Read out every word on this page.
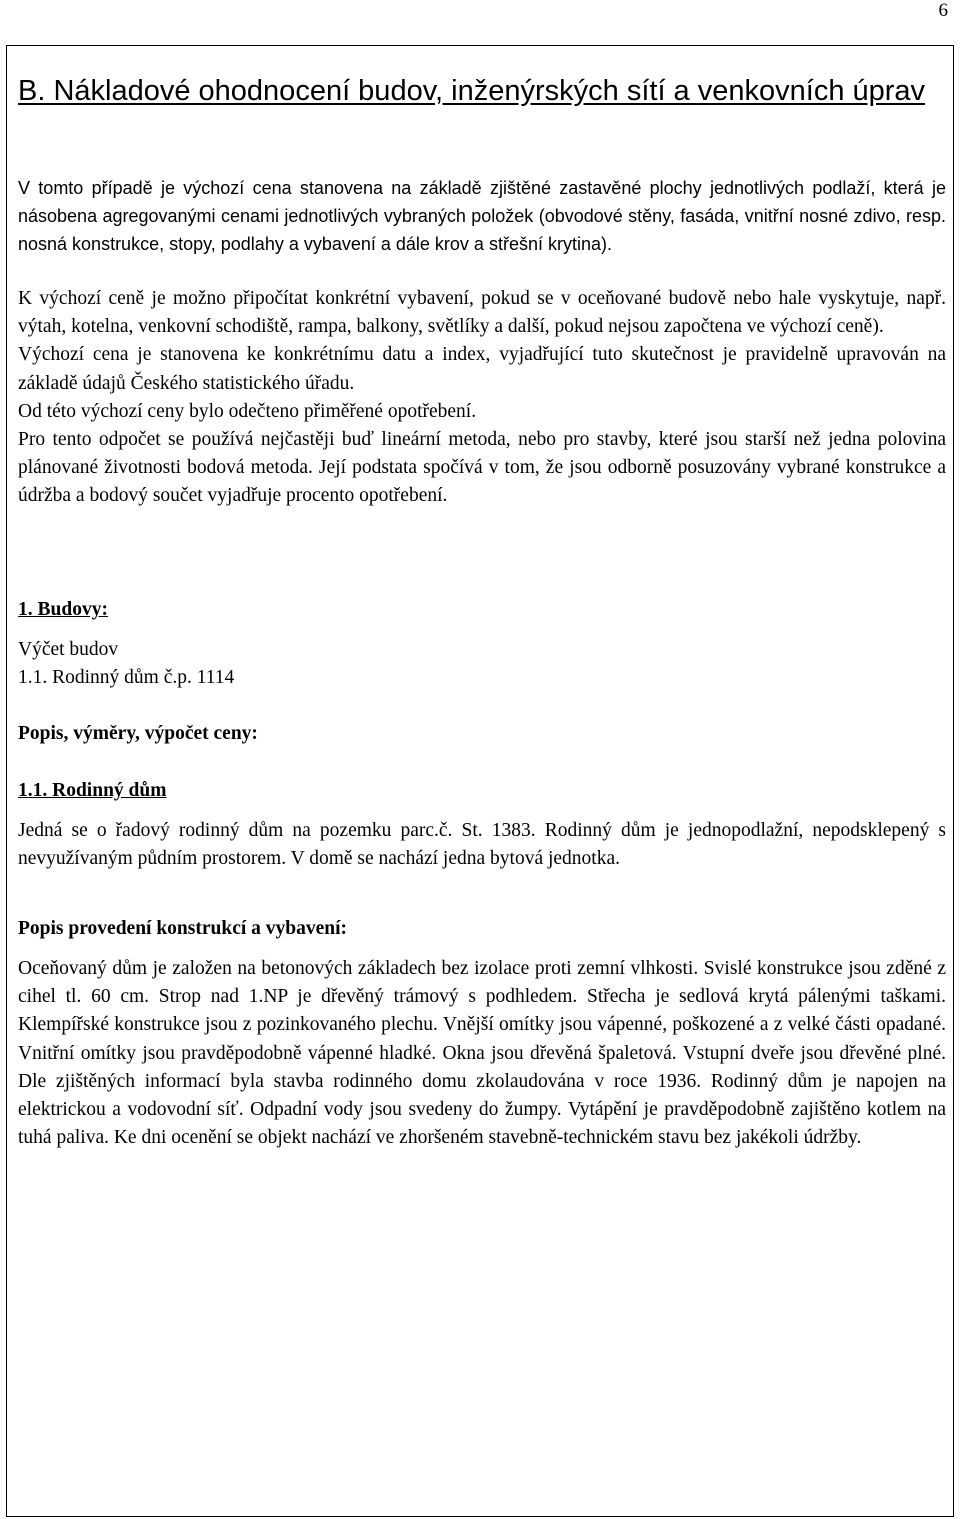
6
B. Nákladové ohodnocení budov, inženýrských sítí a venkovních úprav

V tomto případě je výchozí cena stanovena na základě zjištěné zastavěné plochy jednotlivých podlaží, která je násobena agregovanými cenami jednotlivých vybraných položek (obvodové stěny, fasáda, vnitřní nosné zdivo, resp. nosná konstrukce, stopy, podlahy a vybavení a dále krov a střešní krytina).

K výchozí ceně je možno připočítat konkrétní vybavení, pokud se v oceňované budově nebo hale vyskytuje, např. výtah, kotelna, venkovní schodiště, rampa, balkony, světlíky a další, pokud nejsou započtena ve výchozí ceně).

Výchozí cena je stanovena ke konkrétnímu datu a index, vyjadřující tuto skutečnost je pravidelně upravován na základě údajů Českého statistického úřadu.

Od této výchozí ceny bylo odečteno přiměřené opotřebení.

Pro tento odpočet se používá nejčastěji buď lineární metoda, nebo pro stavby, které jsou starší než jedna polovina plánované životnosti bodová metoda. Její podstata spočívá v tom, že jsou odborně posuzovány vybrané konstrukce a údržba a bodový součet vyjadřuje procento opotřebení.

1. Budovy:
Výčet budov
1.1. Rodinný dům č.p. 1114
Popis, výměry, výpočet ceny:
1.1. Rodinný dům

Jedná se o řadový rodinný dům na pozemku parc.č. St. 1383. Rodinný dům je jednopodlažní, nepodsklepený s nevyužívaným půdním prostorem. V domě se nachází jedna bytová jednotka.

Popis provedení konstrukcí a vybavení:

Oceňovaný dům je založen na betonových základech bez izolace proti zemní vlhkosti. Svislé konstrukce jsou zděné z cihel tl. 60 cm. Strop nad 1.NP je dřevěný trámový s podhledem. Střecha je sedlová krytá pálenými taškami. Klempířské konstrukce jsou z pozinkovaného plechu. Vnější omítky jsou vápenné, poškozené a z velké části opadané. Vnitřní omítky jsou pravděpodobně vápenné hladké. Okna jsou dřevěná špaletová. Vstupní dveře jsou dřevěné plné. Dle zjištěných informací byla stavba rodinného domu zkolaudována v roce 1936. Rodinný dům je napojen na elektrickou a vodovodní síť. Odpadní vody jsou svedeny do žumpy. Vytápění je pravděpodobně zajištěno kotlem na tuhá paliva. Ke dni ocenění se objekt nachází ve zhoršeném stavebně-technickém stavu bez jakékoli údržby.
